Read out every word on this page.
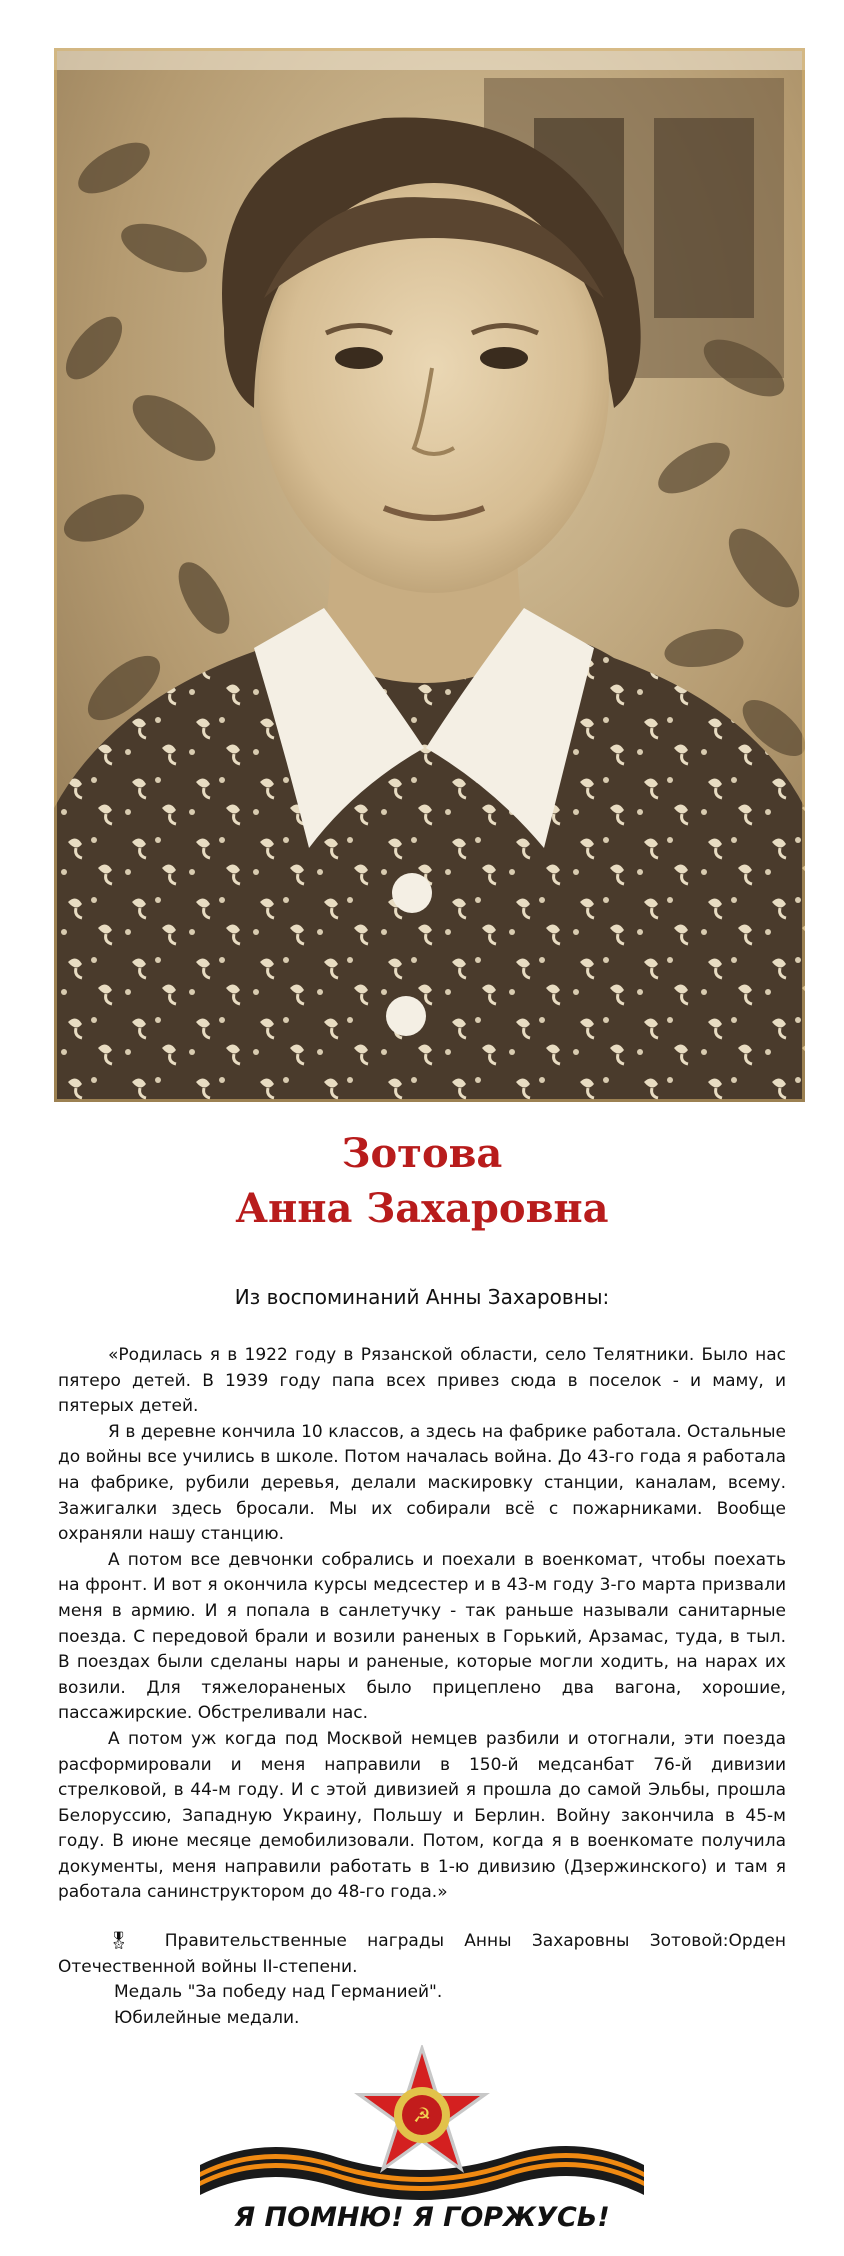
Зотова
Анна Захаровна
Из воспоминаний Анны Захаровны:

«Родилась я в 1922 году в Рязанской области, село Телятники. Было нас пятеро детей. В 1939 году папа всех привез сюда в поселок - и маму, и пятерых детей.

Я в деревне кончила 10 классов, а здесь на фабрике работала. Остальные до войны все учились в школе. Потом началась война. До 43-го года я работала на фабрике, рубили деревья, делали маскировку станции, каналам, всему. Зажигалки здесь бросали. Мы их собирали всё с пожарниками. Вообще охраняли нашу станцию.

А потом все девчонки собрались и поехали в военкомат, чтобы поехать на фронт. И вот я окончила курсы медсестер и в 43-м году 3-го марта призвали меня в армию. И я попала в санлетучку - так раньше называли санитарные поезда. С передовой брали и возили раненых в Горький, Арзамас, туда, в тыл. В поездах были сделаны нары и раненые, которые могли ходить, на нарах их возили. Для тяжелораненых было прицеплено два вагона, хорошие, пассажирские. Обстреливали нас.

А потом уж когда под Москвой немцев разбили и отогнали, эти поезда расформировали и меня направили в 150-й медсанбат 76-й дивизии стрелковой, в 44-м году. И с этой дивизией я прошла до самой Эльбы, прошла Белоруссию, Западную Украину, Польшу и Берлин. Войну закончила в 45-м году. В июне месяце демобилизовали. Потом, когда я в военкомате получила документы, меня направили работать в 1-ю дивизию (Дзержинского) и там я работала санинструктором до 48-го года.»

🎖 Правительственные награды Анны Захаровны Зотовой:Орден Отечественной войны II-степени.

Медаль "За победу над Германией".

Юбилейные медали.

☭
Я ПОМНЮ! Я ГОРЖУСЬ!
